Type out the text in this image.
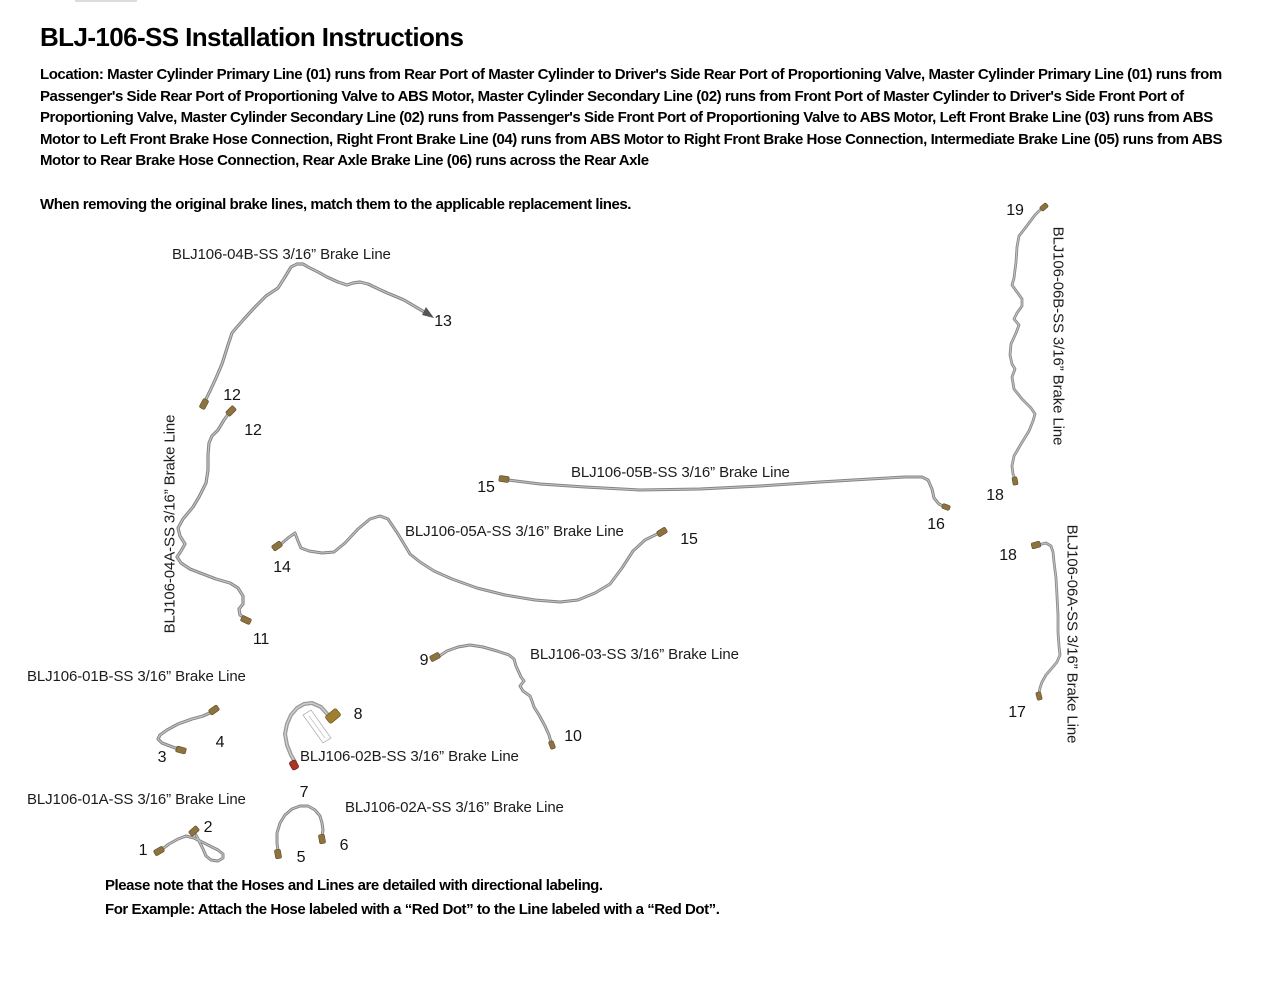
BLJ-106-SS Installation Instructions

Location: Master Cylinder Primary Line (01) runs from Rear Port of Master Cylinder to Driver's Side Rear Port of Proportioning Valve, Master Cylinder Primary Line (01) runs from Passenger's Side Rear Port of Proportioning Valve to ABS Motor, Master Cylinder Secondary Line (02) runs from Front Port of Master Cylinder to Driver's Side Front Port of Proportioning Valve, Master Cylinder Secondary Line (02) runs from Passenger's Side Front Port of Proportioning Valve to ABS Motor, Left Front Brake Line (03) runs from ABS Motor to Left Front Brake Hose Connection, Right Front Brake Line (04) runs from ABS Motor to Right Front Brake Hose Connection, Intermediate Brake Line (05) runs from ABS Motor to Rear Brake Hose Connection, Rear Axle Brake Line (06) runs across the Rear Axle

When removing the original brake lines, match them to the applicable replacement lines.

BLJ106-04B-SS 3/16” Brake Line

BLJ106-04A-SS 3/16” Brake Line	BLJ106-05B-SS 3/16” Brake Line

BLJ106-05A-SS 3/16” Brake Line

BLJ106-03-SS 3/16” Brake Line

BLJ106-01B-SS 3/16” Brake Line

BLJ106-02B-SS 3/16” Brake Line

BLJ106-01A-SS 3/16” Brake Line	BLJ106-02A-SS 3/16” Brake Line

BLJ106-06B-SS 3/16” Brake Line

BLJ106-06A-SS 3/16” Brake Line

1

2

3

4

5

6

7

8

9

10

11

12

12

13

14

15

15

16

17

18

18

19

Please note that the Hoses and Lines are detailed with directional labeling.

For Example: Attach the Hose labeled with a “Red Dot” to the Line labeled with a “Red Dot”.
